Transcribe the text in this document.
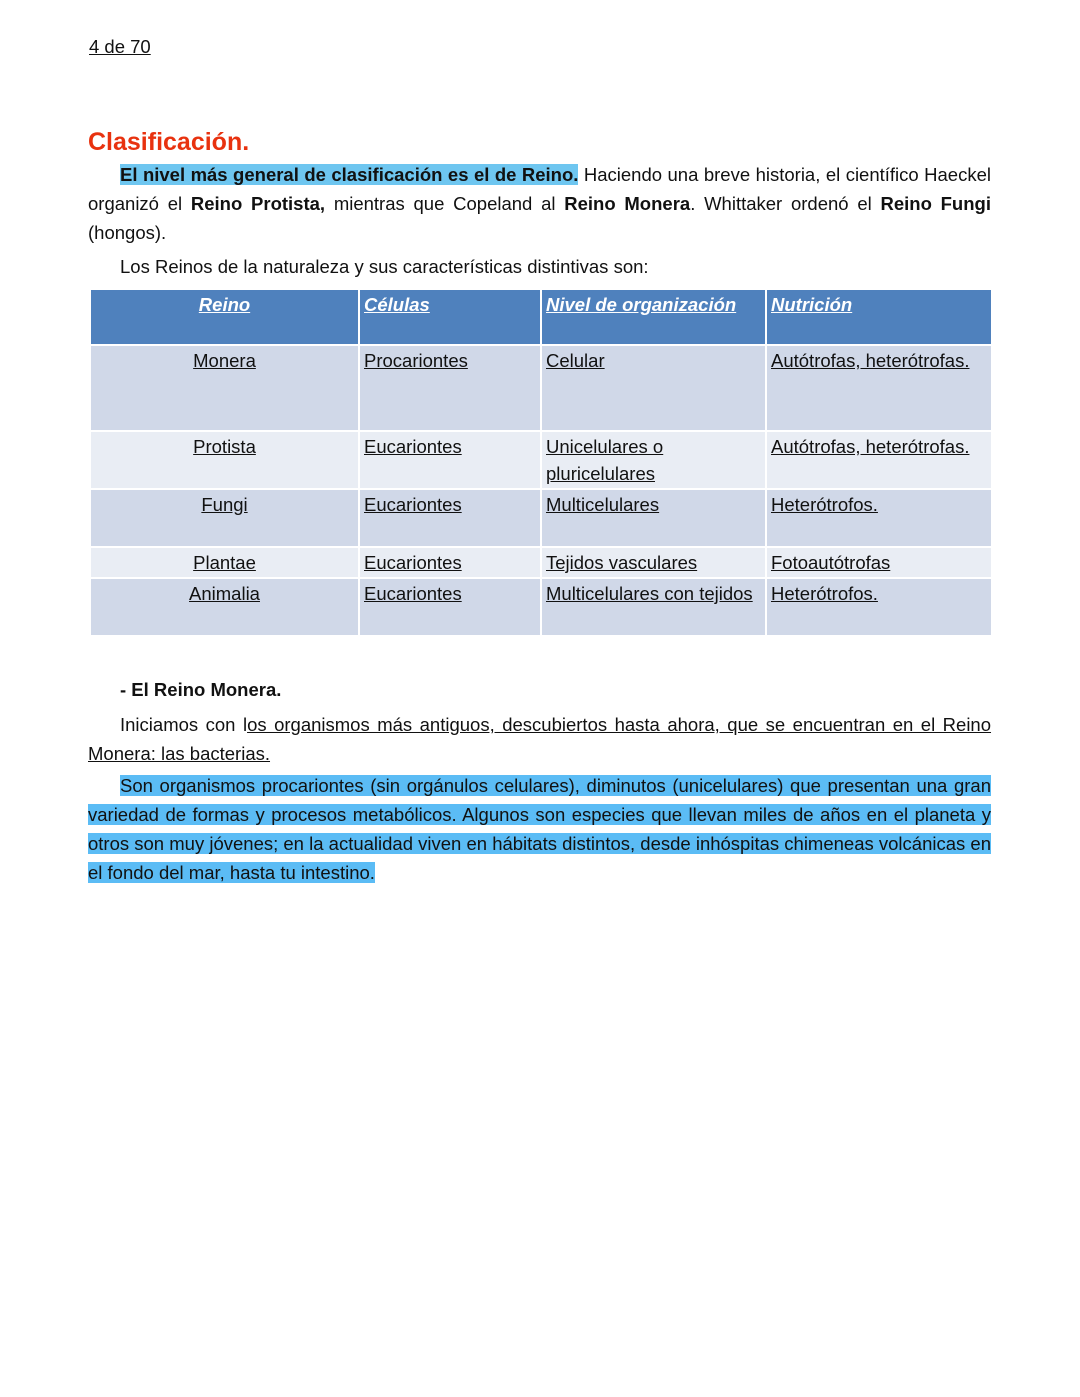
4 de 70
Clasificación.
El nivel más general de clasificación es el de Reino. Haciendo una breve historia, el científico Haeckel organizó el Reino Protista, mientras que Copeland al Reino Monera. Whittaker ordenó el Reino Fungi (hongos).
Los Reinos de la naturaleza y sus características distintivas son:
Reino	Células	Nivel de organización	Nutrición
Monera	Procariontes	Celular	Autótrofas, heterótrofas.
Protista	Eucariontes	Unicelulares o pluricelulares	Autótrofas, heterótrofas.
Fungi	Eucariontes	Multicelulares	Heterótrofos.
Plantae	Eucariontes	Tejidos vasculares	Fotoautótrofas
Animalia	Eucariontes	Multicelulares con tejidos	Heterótrofos.
- El Reino Monera.
Iniciamos con los organismos más antiguos, descubiertos hasta ahora, que se encuentran en el Reino Monera: las bacterias.
Son organismos procariontes (sin orgánulos celulares), diminutos (unicelulares) que presentan una gran variedad de formas y procesos metabólicos. Algunos son especies que llevan miles de años en el planeta y otros son muy jóvenes; en la actualidad viven en hábitats distintos, desde inhóspitas chimeneas volcánicas en el fondo del mar, hasta tu intestino.
